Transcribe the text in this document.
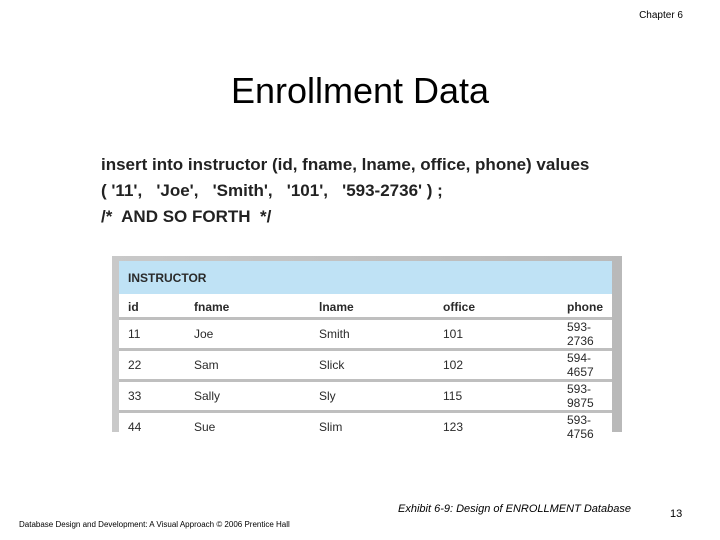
Chapter 6
Enrollment Data
insert into instructor (id, fname, lname, office, phone) values
( '11',   'Joe',   'Smith',   '101',   '593-2736' ) ;
/*  AND SO FORTH  */
INSTRUCTOR				
id	fname	lname	office	phone
11	Joe	Smith	101	593-2736
22	Sam	Slick	102	594-4657
33	Sally	Sly	115	593-9875
44	Sue	Slim	123	593-4756
Exhibit 6-9: Design of ENROLLMENT Database	13
Database Design and Development: A Visual Approach © 2006 Prentice Hall
